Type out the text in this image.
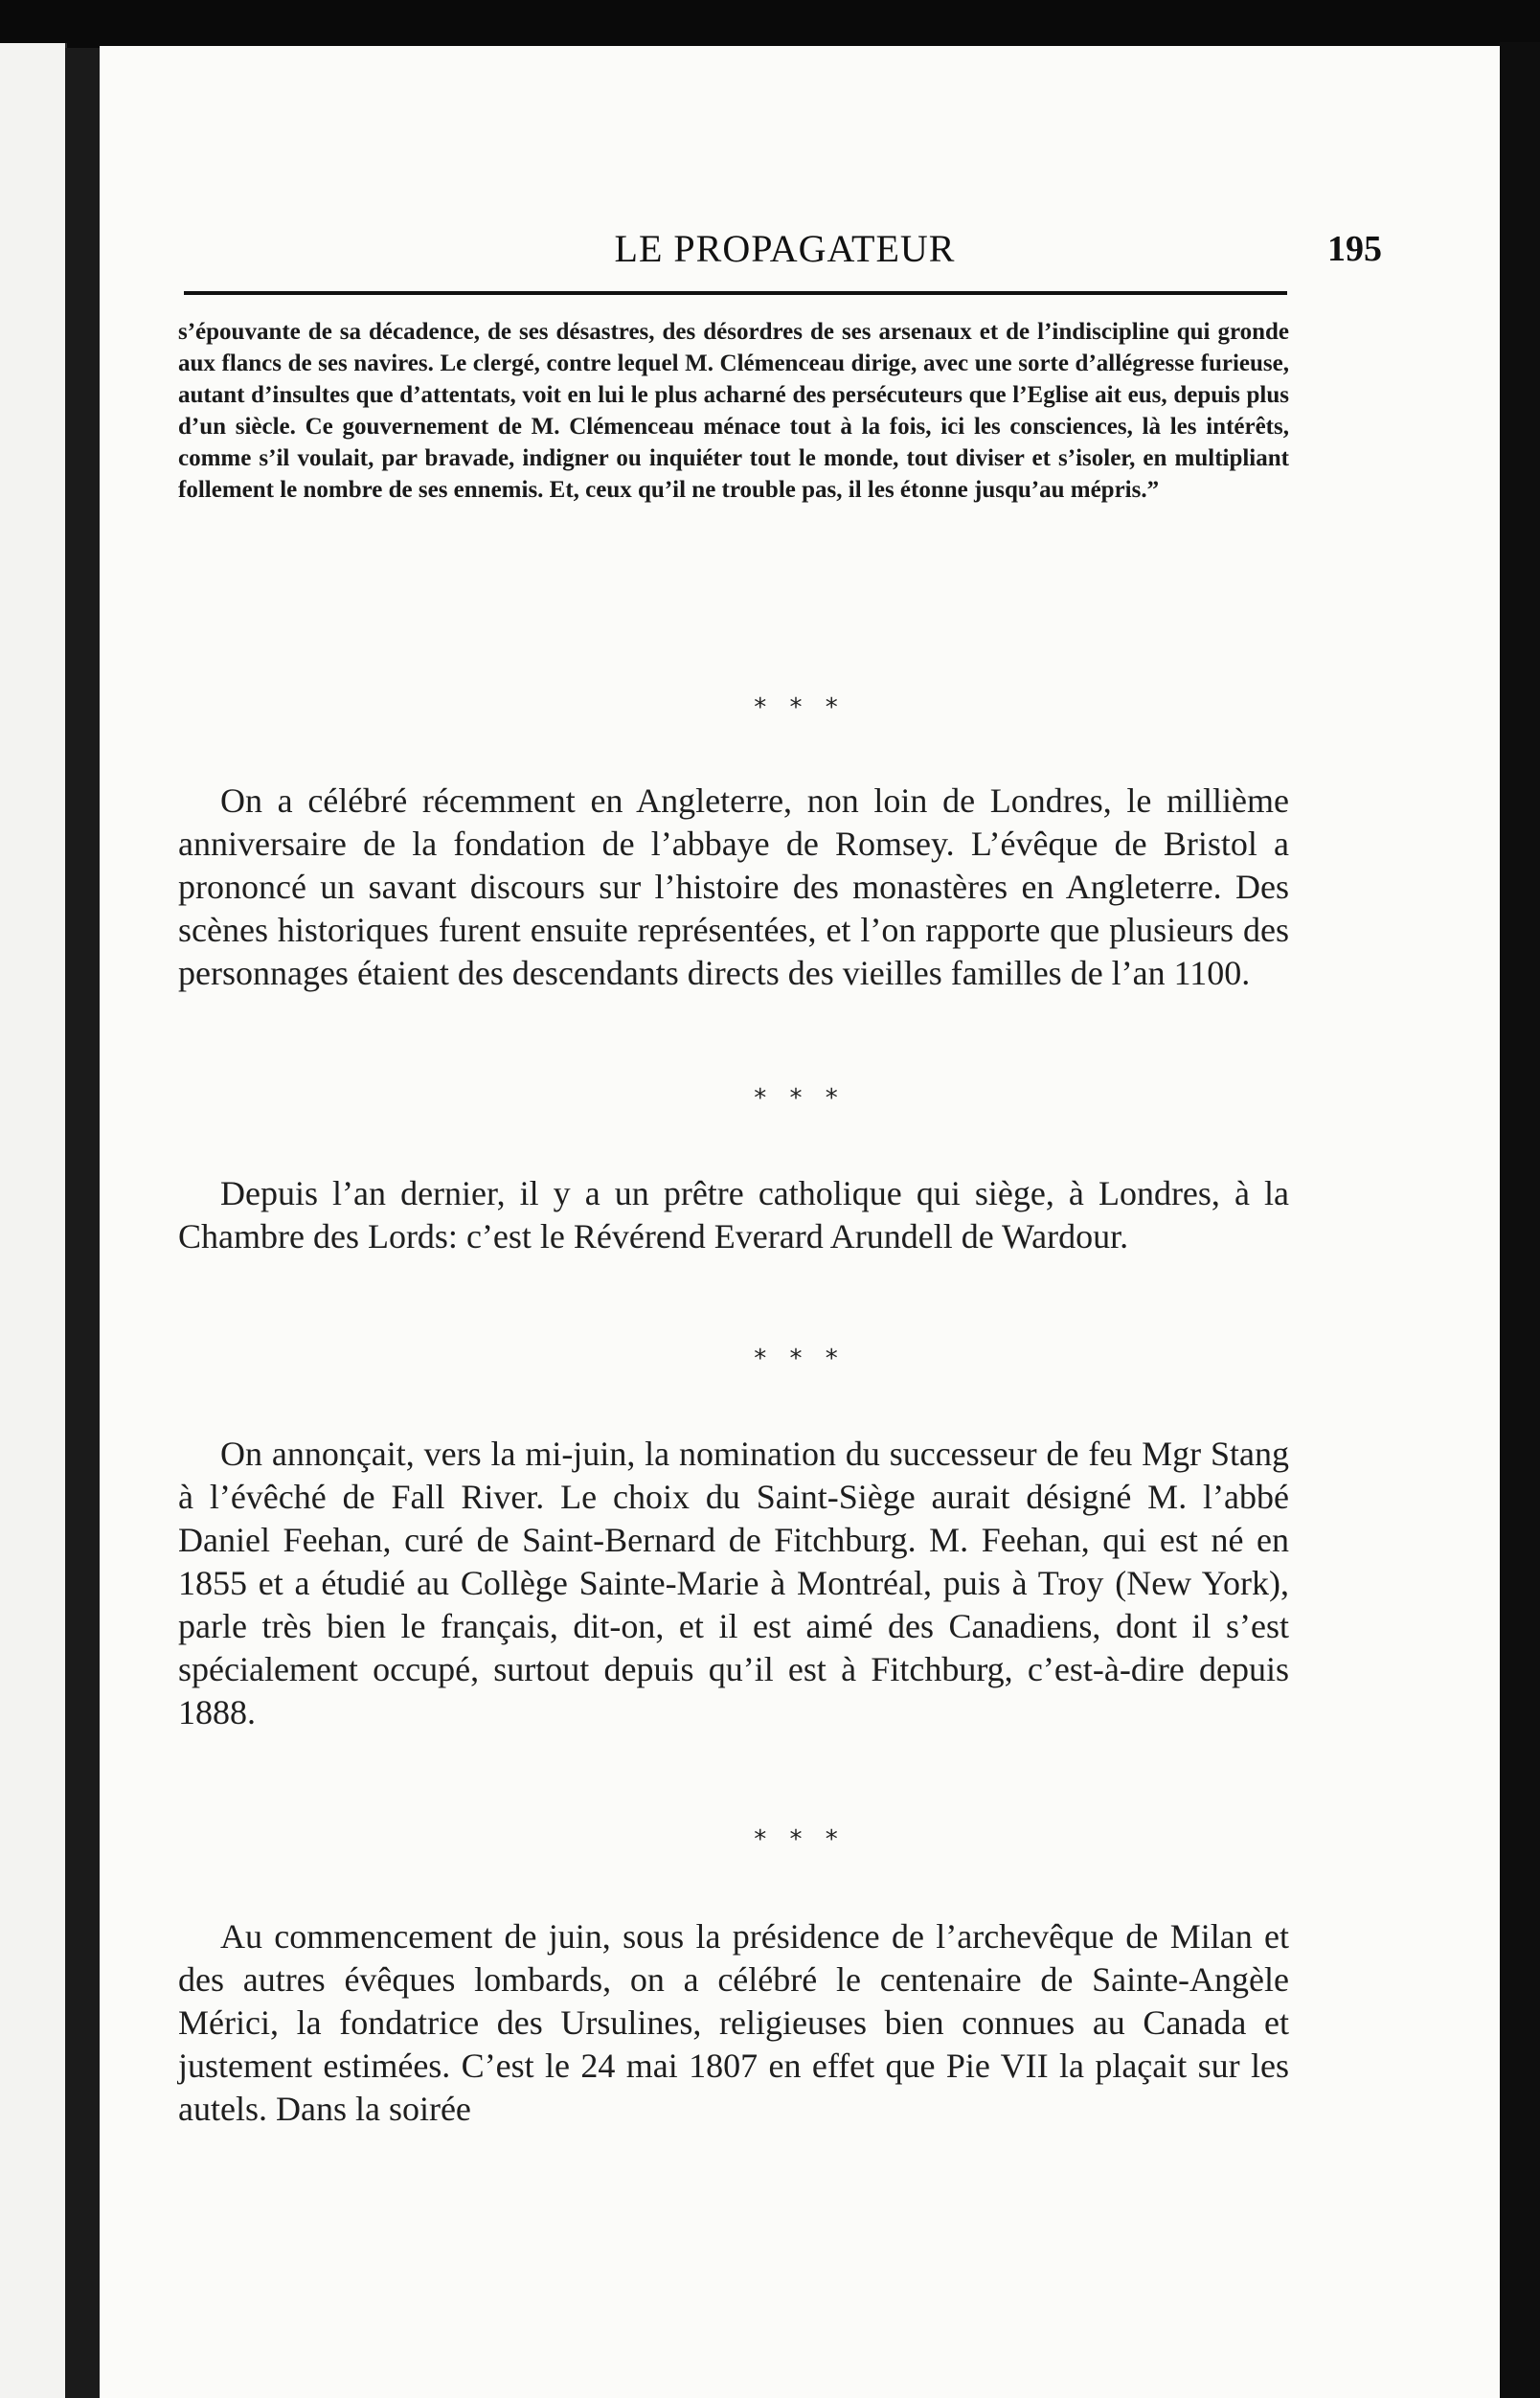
LE PROPAGATEUR	195

s’épouvante de sa décadence, de ses désastres, des désordres de ses arsenaux et de l’indiscipline qui gronde aux flancs de ses navires. Le clergé, contre lequel M. Clémenceau dirige, avec une sorte d’allégresse furieuse, autant d’insultes que d’attentats, voit en lui le plus acharné des persécuteurs que l’Eglise ait eus, depuis plus d’un siècle. Ce gouvernement de M. Clémenceau ménace tout à la fois, ici les consciences, là les intérêts, comme s’il voulait, par bravade, indigner ou inquiéter tout le monde, tout diviser et s’isoler, en multipliant follement le nombre de ses ennemis. Et, ceux qu’il ne trouble pas, il les étonne jusqu’au mépris.”

* * *

On a célébré récemment en Angleterre, non loin de Londres, le millième anniversaire de la fondation de l’abbaye de Romsey. L’évêque de Bristol a prononcé un savant discours sur l’histoire des monastères en Angleterre. Des scènes historiques furent ensuite représentées, et l’on rapporte que plusieurs des personnages étaient des descendants directs des vieilles familles de l’an 1100.

* * *

Depuis l’an dernier, il y a un prêtre catholique qui siège, à Londres, à la Chambre des Lords: c’est le Révérend Everard Arundell de Wardour.

* * *

On annonçait, vers la mi-juin, la nomination du successeur de feu Mgr Stang à l’évêché de Fall River. Le choix du Saint-Siège aurait désigné M. l’abbé Daniel Feehan, curé de Saint-Bernard de Fitchburg. M. Feehan, qui est né en 1855 et a étudié au Collège Sainte-Marie à Montréal, puis à Troy (New York), parle très bien le français, dit-on, et il est aimé des Canadiens, dont il s’est spécialement occupé, surtout depuis qu’il est à Fitchburg, c’est-à-dire depuis 1888.

* * *

Au commencement de juin, sous la présidence de l’archevêque de Milan et des autres évêques lombards, on a célébré le centenaire de Sainte-Angèle Mérici, la fondatrice des Ursulines, religieuses bien connues au Canada et justement estimées. C’est le 24 mai 1807 en effet que Pie VII la plaçait sur les autels. Dans la soirée
